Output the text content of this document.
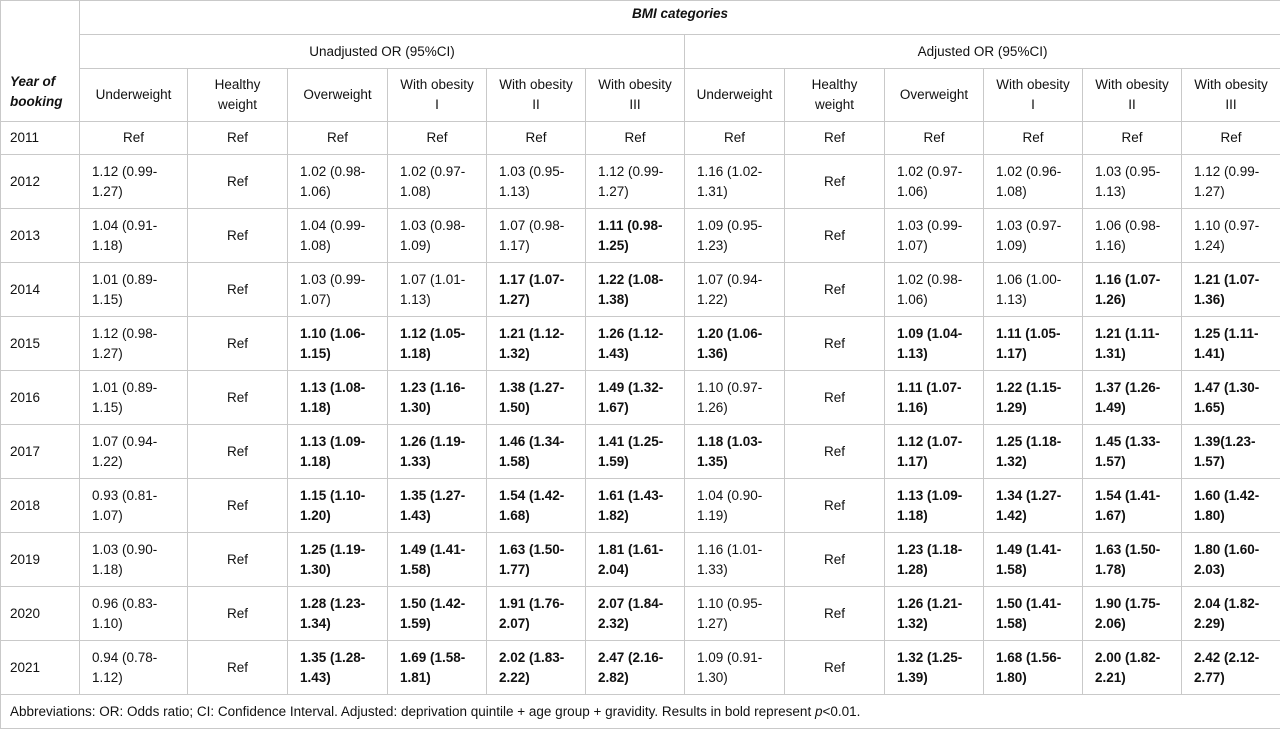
Year of
booking	BMI categories											
	Unadjusted OR (95%CI)						Adjusted OR (95%CI)					
	Underweight	Healthy
weight	Overweight	With obesity
I	With obesity
II	With obesity
III	Underweight	Healthy
weight	Overweight	With obesity
I	With obesity
II	With obesity
III
2011	Ref	Ref	Ref	Ref	Ref	Ref	Ref	Ref	Ref	Ref	Ref	Ref
2012	1.12 (0.99-
1.27)	Ref	1.02 (0.98-
1.06)	1.02 (0.97-
1.08)	1.03 (0.95-
1.13)	1.12 (0.99-
1.27)	1.16 (1.02-
1.31)	Ref	1.02 (0.97-
1.06)	1.02 (0.96-
1.08)	1.03 (0.95-
1.13)	1.12 (0.99-
1.27)
2013	1.04 (0.91-
1.18)	Ref	1.04 (0.99-
1.08)	1.03 (0.98-
1.09)	1.07 (0.98-
1.17)	1.11 (0.98-
1.25)	1.09 (0.95-
1.23)	Ref	1.03 (0.99-
1.07)	1.03 (0.97-
1.09)	1.06 (0.98-
1.16)	1.10 (0.97-
1.24)
2014	1.01 (0.89-
1.15)	Ref	1.03 (0.99-
1.07)	1.07 (1.01-
1.13)	1.17 (1.07-
1.27)	1.22 (1.08-
1.38)	1.07 (0.94-
1.22)	Ref	1.02 (0.98-
1.06)	1.06 (1.00-
1.13)	1.16 (1.07-
1.26)	1.21 (1.07-
1.36)
2015	1.12 (0.98-
1.27)	Ref	1.10 (1.06-
1.15)	1.12 (1.05-
1.18)	1.21 (1.12-
1.32)	1.26 (1.12-
1.43)	1.20 (1.06-
1.36)	Ref	1.09 (1.04-
1.13)	1.11 (1.05-
1.17)	1.21 (1.11-
1.31)	1.25 (1.11-
1.41)
2016	1.01 (0.89-
1.15)	Ref	1.13 (1.08-
1.18)	1.23 (1.16-
1.30)	1.38 (1.27-
1.50)	1.49 (1.32-
1.67)	1.10 (0.97-
1.26)	Ref	1.11 (1.07-
1.16)	1.22 (1.15-
1.29)	1.37 (1.26-
1.49)	1.47 (1.30-
1.65)
2017	1.07 (0.94-
1.22)	Ref	1.13 (1.09-
1.18)	1.26 (1.19-
1.33)	1.46 (1.34-
1.58)	1.41 (1.25-
1.59)	1.18 (1.03-
1.35)	Ref	1.12 (1.07-
1.17)	1.25 (1.18-
1.32)	1.45 (1.33-
1.57)	1.39(1.23-
1.57)
2018	0.93 (0.81-
1.07)	Ref	1.15 (1.10-
1.20)	1.35 (1.27-
1.43)	1.54 (1.42-
1.68)	1.61 (1.43-
1.82)	1.04 (0.90-
1.19)	Ref	1.13 (1.09-
1.18)	1.34 (1.27-
1.42)	1.54 (1.41-
1.67)	1.60 (1.42-
1.80)
2019	1.03 (0.90-
1.18)	Ref	1.25 (1.19-
1.30)	1.49 (1.41-
1.58)	1.63 (1.50-
1.77)	1.81 (1.61-
2.04)	1.16 (1.01-
1.33)	Ref	1.23 (1.18-
1.28)	1.49 (1.41-
1.58)	1.63 (1.50-
1.78)	1.80 (1.60-
2.03)
2020	0.96 (0.83-
1.10)	Ref	1.28 (1.23-
1.34)	1.50 (1.42-
1.59)	1.91 (1.76-
2.07)	2.07 (1.84-
2.32)	1.10 (0.95-
1.27)	Ref	1.26 (1.21-
1.32)	1.50 (1.41-
1.58)	1.90 (1.75-
2.06)	2.04 (1.82-
2.29)
2021	0.94 (0.78-
1.12)	Ref	1.35 (1.28-
1.43)	1.69 (1.58-
1.81)	2.02 (1.83-
2.22)	2.47 (2.16-
2.82)	1.09 (0.91-
1.30)	Ref	1.32 (1.25-
1.39)	1.68 (1.56-
1.80)	2.00 (1.82-
2.21)	2.42 (2.12-
2.77)
Abbreviations: OR: Odds ratio; CI: Confidence Interval. Adjusted: deprivation quintile + age group + gravidity. Results in bold represent p<0.01.												
